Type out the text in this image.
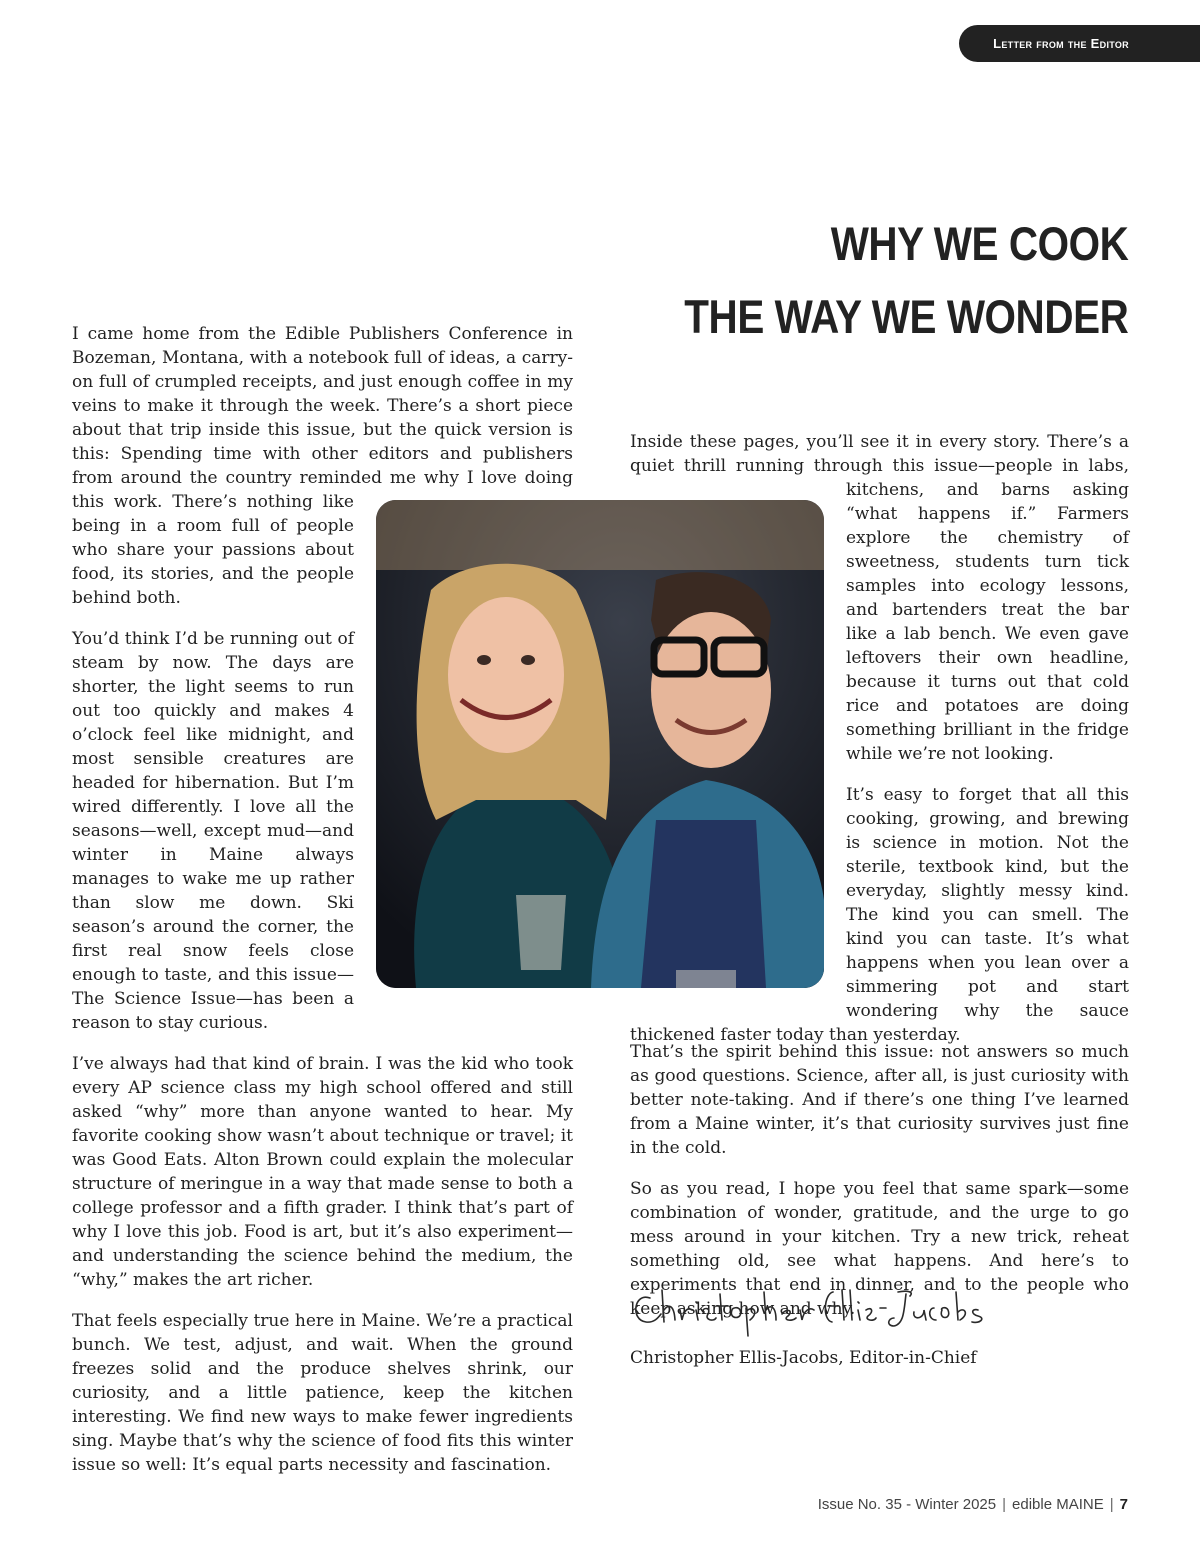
Letter from the Editor
WHY WE COOK
THE WAY WE WONDER

I came home from the Edible Publishers Conference in Bozeman, Montana, with a notebook full of ideas, a carry-on full of crumpled receipts, and just enough coffee in my veins to make it through the week. There’s a short piece about that trip inside this issue, but the quick version is this: Spending time with other editors and publishers from around the country reminded me why I love doing this work. There’s nothing like being in a room full of people who share your passions about food, its stories, and the people behind both.

You’d think I’d be running out of steam by now. The days are shorter, the light seems to run out too quickly and makes 4 o’clock feel like midnight, and most sensible creatures are headed for hibernation. But I’m wired differently. I love all the seasons—well, except mud—and winter in Maine always manages to wake me up rather than slow me down. Ski season’s around the corner, the first real snow feels close enough to taste, and this issue—The Science Issue—has been a reason to stay curious.

I’ve always had that kind of brain. I was the kid who took every AP science class my high school offered and still asked “why” more than anyone wanted to hear. My favorite cooking show wasn’t about technique or travel; it was Good Eats. Alton Brown could explain the molecular structure of meringue in a way that made sense to both a college professor and a fifth grader. I think that’s part of why I love this job. Food is art, but it’s also experiment—and understanding the science behind the medium, the “why,” makes the art richer.

That feels especially true here in Maine. We’re a practical bunch. We test, adjust, and wait. When the ground freezes solid and the produce shelves shrink, our curiosity, and a little patience, keep the kitchen interesting. We find new ways to make fewer ingredients sing. Maybe that’s why the science of food fits this winter issue so well: It’s equal parts necessity and fascination.

Inside these pages, you’ll see it in every story. There’s a quiet thrill running through this issue—people in labs, kitchens, and barns asking “what happens if.” Farmers explore the chemistry of sweetness, students turn tick samples into ecology lessons, and bartenders treat the bar like a lab bench. We even gave leftovers their own headline, because it turns out that cold rice and potatoes are doing something brilliant in the fridge while we’re not looking.

It’s easy to forget that all this cooking, growing, and brewing is science in motion. Not the sterile, textbook kind, but the everyday, slightly messy kind. The kind you can smell. The kind you can taste. It’s what happens when you lean over a simmering pot and start wondering why the sauce thickened faster today than yesterday.

That’s the spirit behind this issue: not answers so much as good questions. Science, after all, is just curiosity with better note-taking. And if there’s one thing I’ve learned from a Maine winter, it’s that curiosity survives just fine in the cold.

So as you read, I hope you feel that same spark—some combination of wonder, gratitude, and the urge to go mess around in your kitchen. Try a new trick, reheat something old, see what happens. And here’s to experiments that end in dinner, and to the people who keep asking how and why.

Christopher Ellis-Jacobs, Editor-in-Chief
Issue No. 35 - Winter 2025 | edible MAINE | 7
